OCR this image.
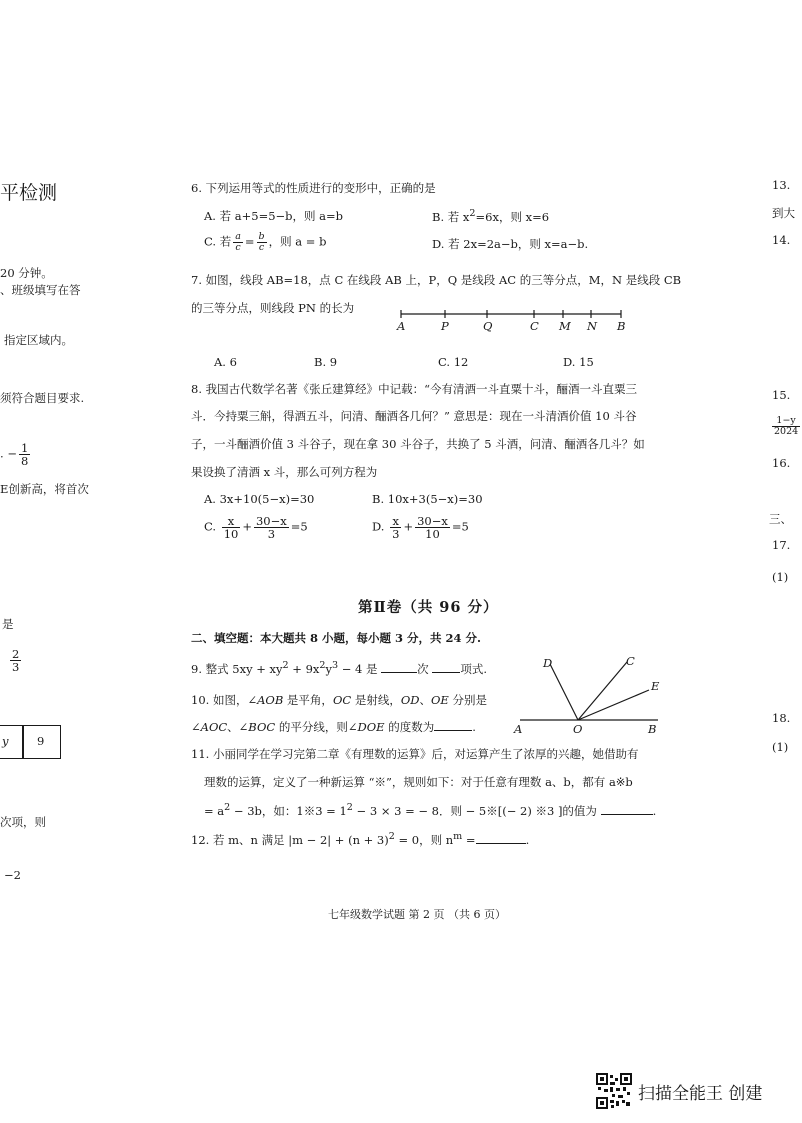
平检测
20 分钟。
、班级填写在答
指定区域内。
须符合题目要求.
. − $\frac{1}{8}$
E创新高，将首次
是
$\frac{2}{3}$
y 9
次项，则
−2
13.
到大
14.
15.
$\frac{1-y}{2024}$
16.
三、
17.
(1)
18.
(1)
6. 下列运用等式的性质进行的变形中，正确的是
A. 若 a+5=5−b，则 a=b	B. 若 $x^2=6x$，则 x=6
C. 若 $\frac{a}{c} = \frac{b}{c}$ ，则 a = b	D. 若 2x=2a−b，则 x=a−b.
7. 如图，线段 AB=18，点 C 在线段 AB 上，P，Q 是线段 AC 的三等分点，M，N 是线段 CB
的三等分点，则线段 PN 的长为
A	P	Q	C M N B
A. 6	B. 9	C. 12	D. 15
8. 我国古代数学名著《张丘建算经》中记载：“今有清酒一斗直粟十斗，酾酒一斗直粟三
斗．今持粟三斛，得酒五斗，问清、酾酒各几何？” 意思是：现在一斗清酒价值 10 斗谷
子，一斗酾酒价值 3 斗谷子，现在拿 30 斗谷子，共换了 5 斗酒，问清、酾酒各几斗？如
果设换了清酒 x 斗，那么可列方程为
A. 3x+10(5−x)=30	B. 10x+3(5−x)=30
C. $\frac{x}{10} + \frac{30-x}{3} =5$	D. $\frac{x}{3} + \frac{30-x}{10} =5$
第Ⅱ卷（共 96 分）
二、填空题：本大题共 8 小题，每小题 3 分，共 24 分.
9. 整式 $5xy + xy^2 + 9x^2y^3 - 4$ 是	次	项式.
10. 如图，∠AOB 是平角，OC 是射线，OD、OE 分别是
∠AOC、∠BOC 的平分线，则∠DOE 的度数为	.
D	C
E
A	O	B
11. 小丽同学在学习完第二章《有理数的运算》后，对运算产生了浓厚的兴趣，她借助有
理数的运算，定义了一种新运算 “※”，规则如下：对于任意有理数 a、b，都有 a※b
= $a^2 - 3b$，如：1※3 = $1^2 - 3 \times 3$ = − 8．则 − 5※[(− 2) ※3 ]的值为	.
12. 若 m、n 满足 $|m - 2| + (n + 3)^2 = 0$，则 $n^m$ =	.
七年级数学试题 第 2 页 （共 6 页）
扫描全能王 创建
